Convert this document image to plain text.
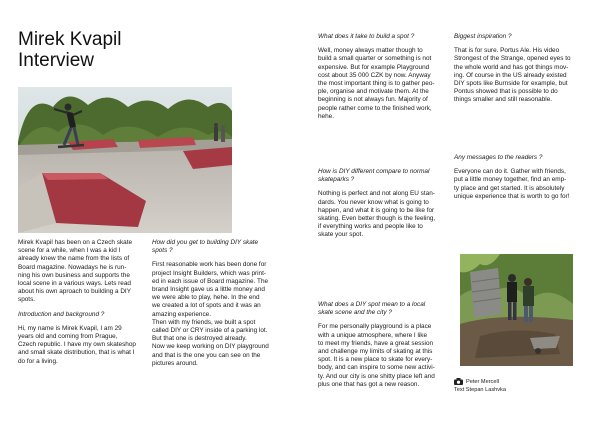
Mirek Kvapil
Interview
Mirek Kvapil has been on a Czech skate
scene for a while, when I was a kid I
already knew the name from the lists of
Board magazine. Nowadays he is run-
ning his own business and supports the
local scene in a various ways. Lets read
about his own aproach to building a DIY
spots.
Introduction and background ?
Hi, my name is Mirek Kvapil, I am 29
years old and coming from Prague,
Czech republic. I have my own skateshop
and small skate distribution, that is what I
do for a living.
How did you get to building DIY skate
spots ?
First reasonable work has been done for
project Insight Builders, which was print-
ed in each issue of Board magazine. The
brand Insight gave us a little money and
we were able to play, hehe. In the end
we created a lot of spots and it was an
amazing experience.
Then with my friends, we built a spot
called DIY or CRY inside of a parking lot.
But that one is destroyed already.
Now we keep working on DIY playground
and that is the one you can see on the
pictures around.
What does it take to build a spot ?
Well, money always matter though to
build a small quarter or something is not
expensive. But for example Playground
cost about 35 000 CZK by now. Anyway
the most important thing is to gather peo-
ple, organise and motivate them. At the
beginning is not always fun. Majority of
people rather come to the finished work,
hehe.
How is DIY different compare to normal
skateparks ?
Nothing is perfect and not along EU stan-
dards. You never know what is going to
happen, and what it is going to be like for
skating. Even better though is the feeling,
if everything works and people like to
skate your spot.
What does a DIY spot mean to a local
skate scene and the city ?
For me personally playground is a place
with a unique atmosphere, where I like
to meet my friends, have a great session
and challenge my limits of skating at this
spot. It is a new place to skate for every-
body, and can inspire to some new activi-
ty. And our city is one shitty place left and
plus one that has got a new reason.
Biggest inspiration ?
That is for sure. Portus Ale. His video
Strongest of the Strange, opened eyes to
the whole world and has got things mov-
ing. Of course in the US already existed
DIY spots like Burnside for example, but
Pontus showed that is possible to do
things smaller and still reasonable.
Any messages to the readers ?
Everyone can do it. Gather with friends,
put a little money together, find an emp-
ty place and get started. It is absolutely
unique experience that is worth to go for!
Peter Mercell
Text Stepan Lashvka
